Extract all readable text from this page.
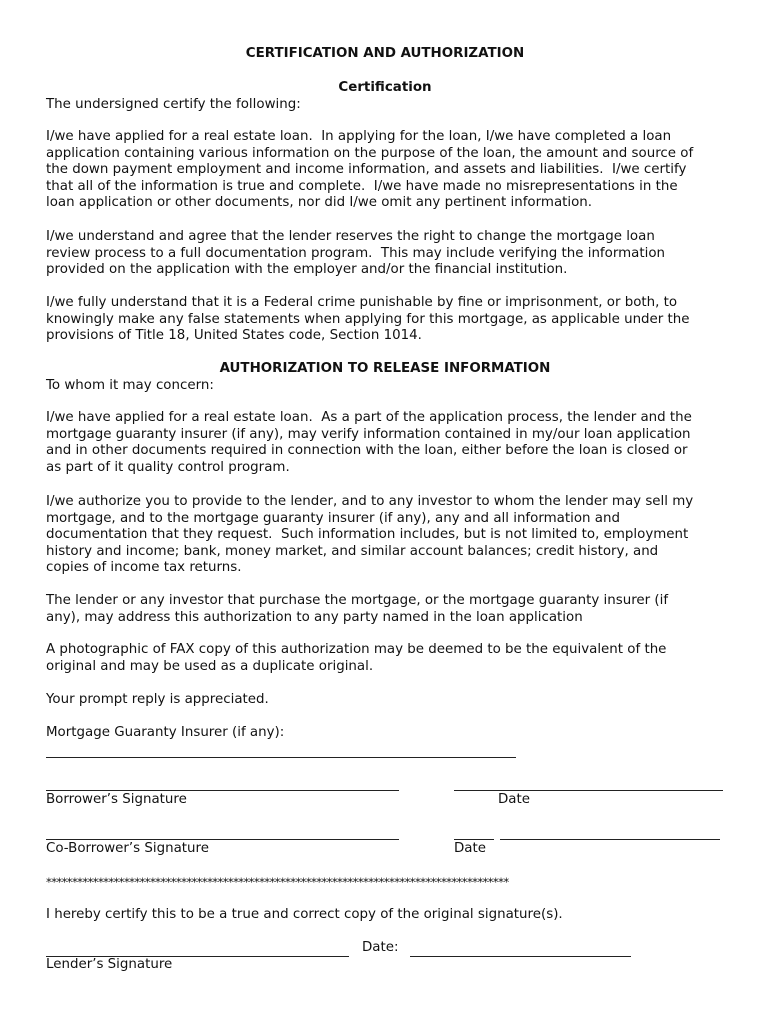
CERTIFICATION AND AUTHORIZATION
Certification
The undersigned certify the following:
I/we have applied for a real estate loan.  In applying for the loan, I/we have completed a loan
application containing various information on the purpose of the loan, the amount and source of
the down payment employment and income information, and assets and liabilities.  I/we certify
that all of the information is true and complete.  I/we have made no misrepresentations in the
loan application or other documents, nor did I/we omit any pertinent information.
I/we understand and agree that the lender reserves the right to change the mortgage loan
review process to a full documentation program.  This may include verifying the information
provided on the application with the employer and/or the financial institution.
I/we fully understand that it is a Federal crime punishable by fine or imprisonment, or both, to
knowingly make any false statements when applying for this mortgage, as applicable under the
provisions of Title 18, United States code, Section 1014.
AUTHORIZATION TO RELEASE INFORMATION
To whom it may concern:
I/we have applied for a real estate loan.  As a part of the application process, the lender and the
mortgage guaranty insurer (if any), may verify information contained in my/our loan application
and in other documents required in connection with the loan, either before the loan is closed or
as part of it quality control program.
I/we authorize you to provide to the lender, and to any investor to whom the lender may sell my
mortgage, and to the mortgage guaranty insurer (if any), any and all information and
documentation that they request.  Such information includes, but is not limited to, employment
history and income; bank, money market, and similar account balances; credit history, and
copies of income tax returns.
The lender or any investor that purchase the mortgage, or the mortgage guaranty insurer (if
any), may address this authorization to any party named in the loan application
A photographic of FAX copy of this authorization may be deemed to be the equivalent of the
original and may be used as a duplicate original.
Your prompt reply is appreciated.
Mortgage Guaranty Insurer (if any):
Borrower’s Signature	Date
Co-Borrower’s Signature	Date
*****************************************************************************************
I hereby certify this to be a true and correct copy of the original signature(s).
Date:
Lender’s Signature
